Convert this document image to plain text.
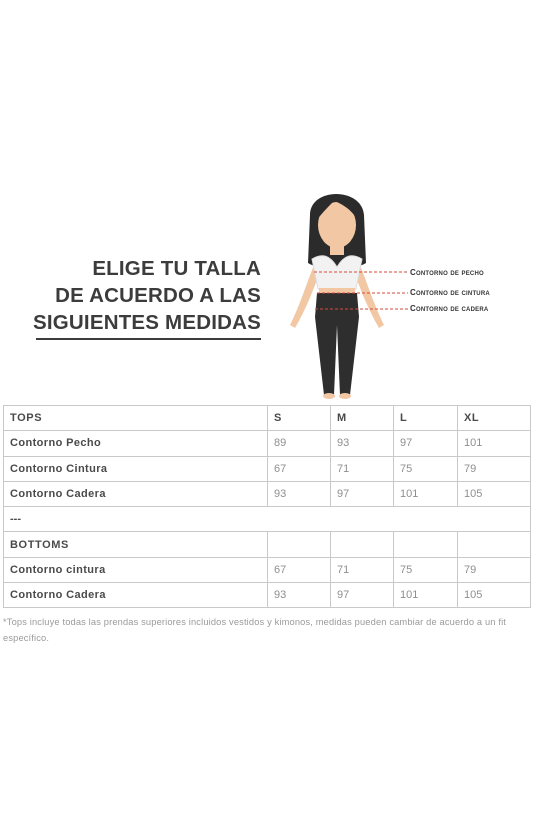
ELIGE TU TALLA
DE ACUERDO A LAS
SIGUIENTES MEDIDAS
Contorno de pecho
Contorno de cintura
Contorno de cadera
TOPS	S	M	L	XL
Contorno Pecho	89	93	97	101
Contorno Cintura	67	71	75	79
Contorno Cadera	93	97	101	105
---				
BOTTOMS				
Contorno cintura	67	71	75	79
Contorno Cadera	93	97	101	105
*Tops incluye todas las prendas superiores incluidos vestidos y kimonos, medidas pueden cambiar de acuerdo a un fit específico.
